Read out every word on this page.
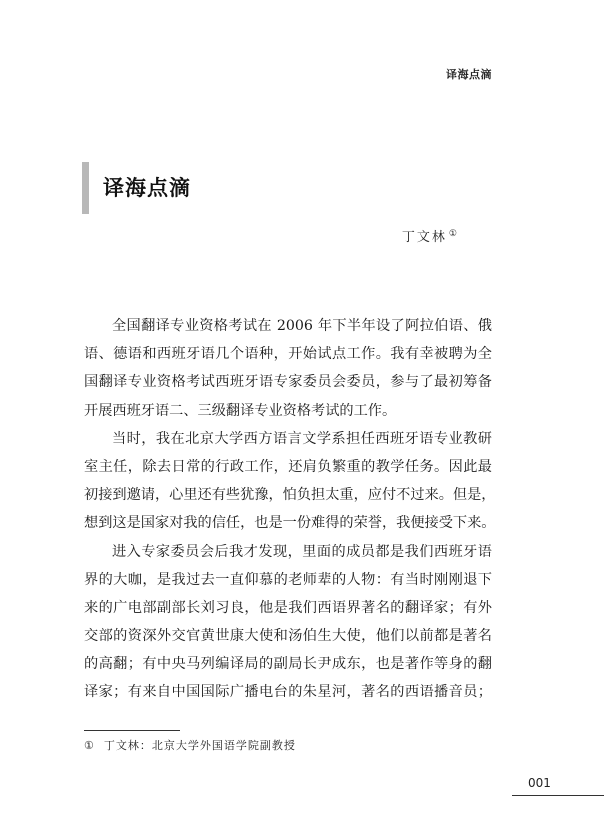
译海点滴
译海点滴
丁文林 ①
全国翻译专业资格考试在 2006 年下半年设了阿拉伯语、俄
语、德语和西班牙语几个语种，开始试点工作。我有幸被聘为全
国翻译专业资格考试西班牙语专家委员会委员，参与了最初筹备
开展西班牙语二、三级翻译专业资格考试的工作。
当时，我在北京大学西方语言文学系担任西班牙语专业教研
室主任，除去日常的行政工作，还肩负繁重的教学任务。因此最
初接到邀请，心里还有些犹豫，怕负担太重，应付不过来。但是，
想到这是国家对我的信任，也是一份难得的荣誉，我便接受下来。
进入专家委员会后我才发现，里面的成员都是我们西班牙语
界的大咖，是我过去一直仰慕的老师辈的人物：有当时刚刚退下
来的广电部副部长刘习良，他是我们西语界著名的翻译家；有外
交部的资深外交官黄世康大使和汤伯生大使，他们以前都是著名
的高翻；有中央马列编译局的副局长尹成东，也是著作等身的翻
译家；有来自中国国际广播电台的朱星河，著名的西语播音员；
① 丁文林：北京大学外国语学院副教授
001
